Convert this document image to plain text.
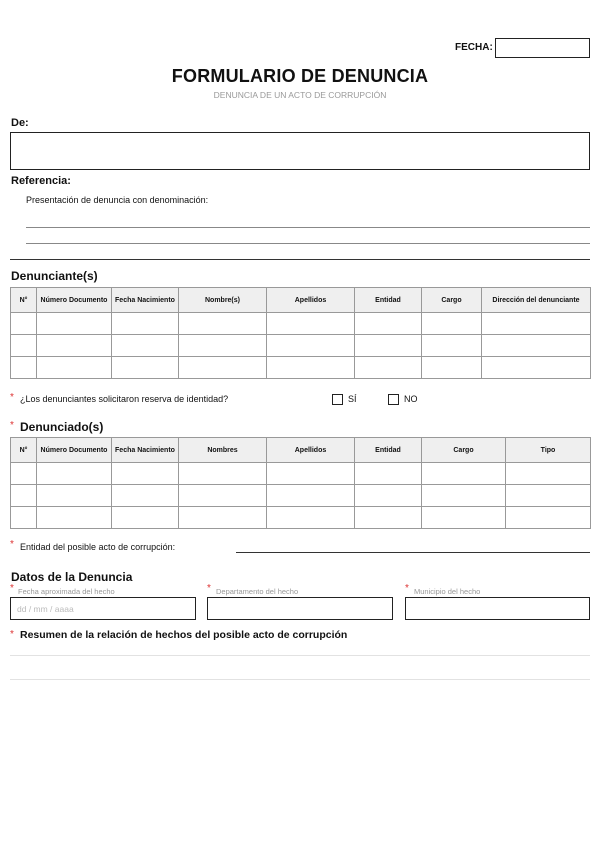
FECHA:
FORMULARIO DE DENUNCIA
DENUNCIA DE UN ACTO DE CORRUPCIÓN
De:
Referencia:
Presentación de denuncia con denominación:
Denunciante(s)
N°	Número Documento	Fecha Nacimiento	Nombre(s)	Apellidos	Entidad	Cargo	Dirección del denunciante

* ¿Los denunciantes solicitaron reserva de identidad?	SÍ	NO
* Denunciado(s)
N°	Número Documento	Fecha Nacimiento	Nombres	Apellidos	Entidad	Cargo	Tipo

* Entidad del posible acto de corrupción:
Datos de la Denuncia
* Fecha aproximada del hecho
dd / mm / aaaa
* Departamento del hecho	* Municipio del hecho
* Resumen de la relación de hechos del posible acto de corrupción
